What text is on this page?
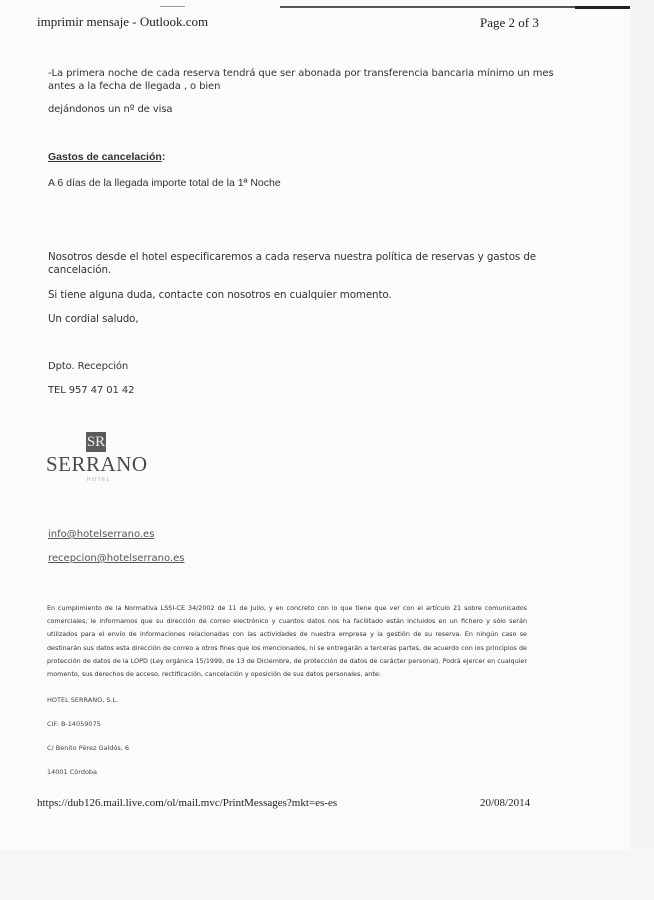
imprimir mensaje - Outlook.com	Page 2 of 3
-La primera noche de cada reserva tendrá que ser abonada por transferencia bancaria mínimo un mes
antes a la fecha de llegada , o bien
dejándonos un nº de visa
Gastos de cancelación:
A 6 días de la llegada importe total de la 1ª Noche
Nosotros desde el hotel especificaremos a cada reserva nuestra política de reservas y gastos de
cancelación.
Si tiene alguna duda, contacte con nosotros en cualquier momento.
Un cordial saludo,
Dpto. Recepción
TEL 957 47 01 42
SR
SERRANO
HOTEL
info@hotelserrano.es
recepcion@hotelserrano.es
En cumplimiento de la Normativa LSSI-CE 34/2002 de 11 de Julio, y en concreto con lo que tiene que ver con el artículo 21 sobre comunicados comerciales, le informamos que su dirección de correo electrónico y cuantos datos nos ha facilitado están incluidos en un fichero y sólo serán utilizados para el envío de informaciones relacionadas con las actividades de nuestra empresa y la gestión de su reserva. En ningún caso se destinarán sus datos esta dirección de correo a otros fines que los mencionados, ni se entregarán a terceras partes, de acuerdo con los principios de protección de datos de la LOPD (Ley orgánica 15/1999, de 13 de Diciembre, de protección de datos de carácter personal). Podrá ejercer en cualquier momento, sus derechos de acceso, rectificación, cancelación y oposición de sus datos personales, ante:
HOTEL SERRANO, S.L.
CIF: B-14059075
C/ Benito Pérez Galdós, 6
14001 Córdoba
https://dub126.mail.live.com/ol/mail.mvc/PrintMessages?mkt=es-es	20/08/2014
